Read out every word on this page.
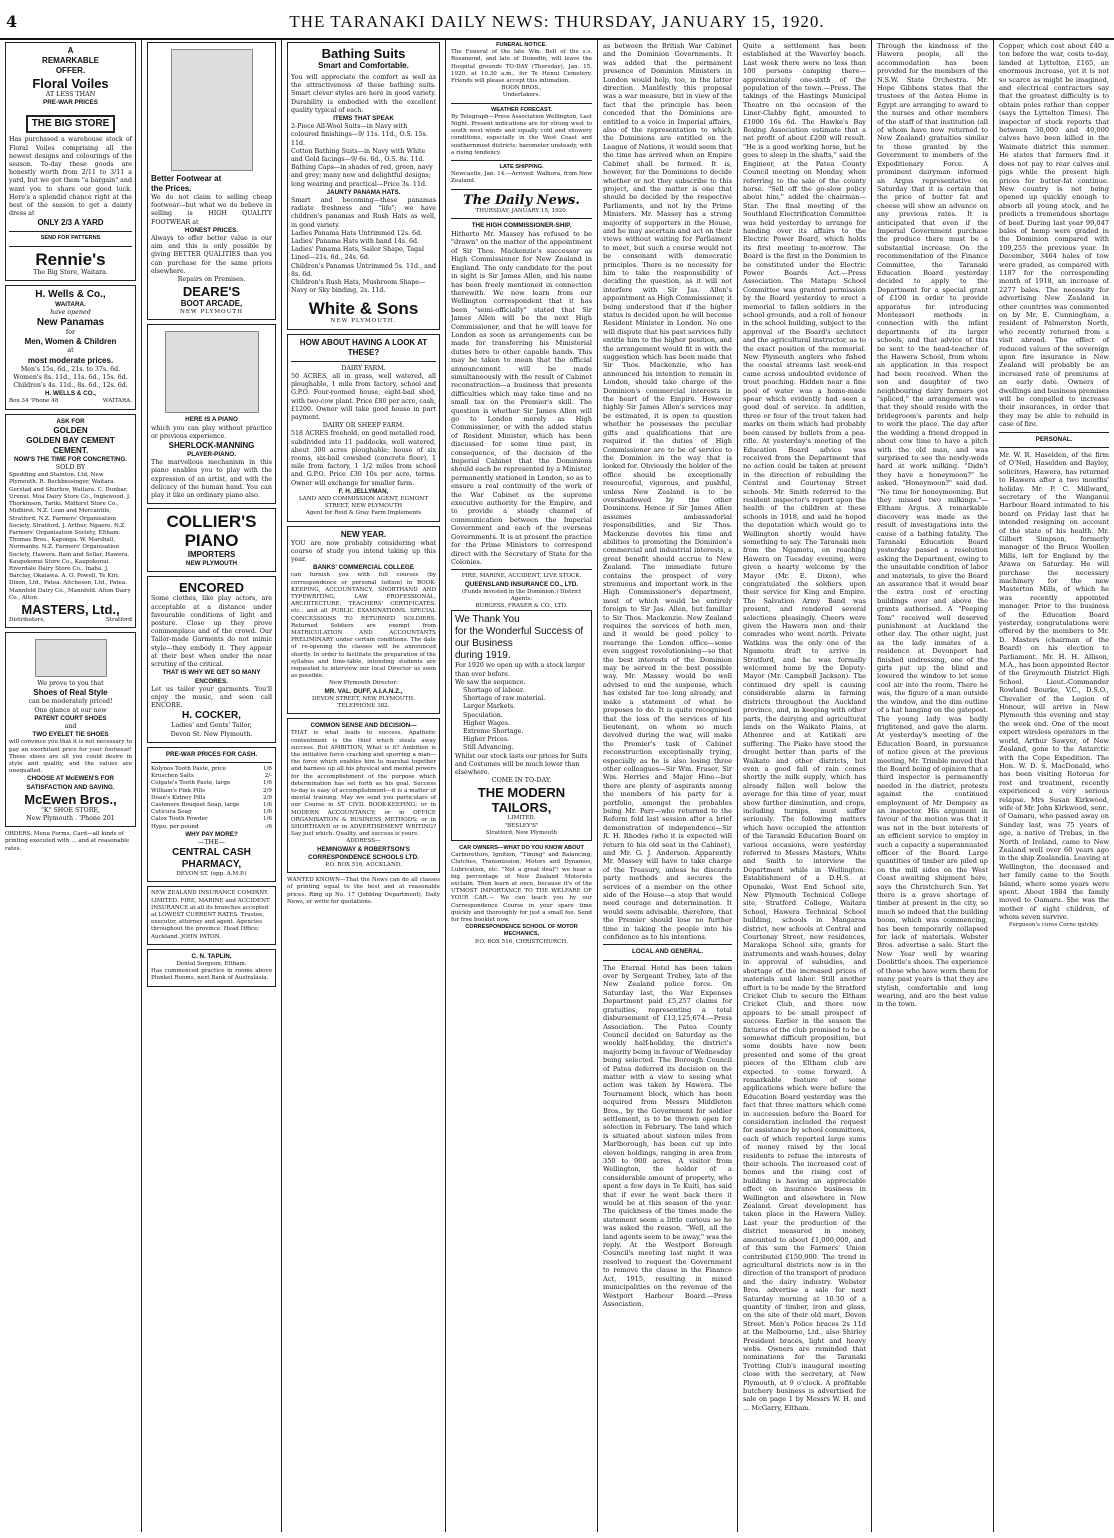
4	THE TARANAKI DAILY NEWS: THURSDAY, JANUARY 15, 1920.
A
REMARKABLE
OFFER.
Floral Voiles
AT LESS THAN
PRE-WAR PRICES
THE BIG STORE
Has purchased a warehouse stock of Floral Voiles comprising all the newest designs and colourings of the season. To-day these goods are honestly worth from 2/11 to 3/11 a yard, but we got them "a bargain" and want you to share our good luck. Here's a splendid chance right at the best of the season to get a dainty dress at
ONLY 2/3 A YARD
SEND FOR PATTERNS
Rennie's
The Big Store, Waitara.
H. Wells & Co.,
WAITARA.
have opened
New Panamas
for
Men, Women & Children
at
most moderate prices.
Men's 15s. 6d., 21s. to 37s. 6d.
Women's 8s. 11d., 11s. 6d., 15s. 6d.
Children's 4s. 11d., 8s. 6d., 12s. 6d.
H. WELLS & CO.,
Box 34 'Phone 48	WAITARA.
ASK FOR
GOLDEN
GOLDEN BAY CEMENT
CEMENT.
NOW'S THE TIME FOR CONCRETING.
SOLD BY
Spedding and Stainton, Ltd, New Plymouth. R. Beckbessinger, Waitara. Gerstad and Shurlow, Waitara. C. Dunbar, Urenui. Moa Dairy Store Co., Inglewood. J. Thorkinson, Tariki. Midhirst Store Co., Midhirst. N.Z. Loan and Mercantile, Stratford. N.Z. Farmers' Organisation Society, Stratford. J. Arthur, Ngaere. N.Z. Farmers' Organisation Society, Eltham. Thomas Bros., Kaponga. W. Marshall, Normanby. N.Z. Farmers' Organisation Society, Hawera. Bain and Sellar, Hawera. Kaupokonui Store Co., Kaupokonui. Riverdale Dairy Store Co., Inaha. J. Barclay, Okaiawa. A. O. Powell, Te Kiri. Dixon, Ltd., Patea. Aitcheson, Ltd., Patea. Mannfeld Dairy Co., Mannfeld. Alton Dairy Co., Alton.
MASTERS, Ltd.,
Distributors,	Stratford
We prove to you that
Shoes of Real Style
can be moderately priced!
One glance at our new
PATENT COURT SHOES
and
TWO EYELET TIE SHOES
will convince you that it is not necessary to pay an exorbitant price for your footwear! These shoes are all you could desire in style and quality, and the values are unequalled.
CHOOSE AT McEWEN'S FOR SATISFACTION AND SAVING.
McEwen Bros.,
"K" SHOE STORE,
New Plymouth . 'Phone 201
ORDERS, Menu Forms, Card—all kinds of printing executed with ... and at reasonable rates.
Better Footwear at
the Prices.
We do not claim to selling cheap footwear—but what we do believe in selling is HIGH QUALITY FOOTWEAR at
HONEST PRICES.
Always to offer better value is our aim and this is only possible by giving BETTER QUALITIES than you can purchase for the same prices elsewhere.
Repairs on Premises.
DEARE'S
BOOT ARCADE,
NEW PLYMOUTH
HERE IS A PIANO
which you can play without practice or previous experience.
SHERLOCK-MANNING
PLAYER-PIANO.
The marvellous mechanism in this piano enables you to play with the expression of an artist, and with the delicacy of the human hand. You can play it like an ordinary piano also.
COLLIER'S
PIANO
IMPORTERS
NEW PLYMOUTH
ENCORED
Some clothes, like play actors, are acceptable at a distance under favourable conditions of light and posture. Close up they prove commonplace and of the crowd. Our Tailor-made Garments do not mimic style—they embody it. They appear at their best when under the near scrutiny of the critical.
THAT IS WHY WE GET SO MANY ENCORES.
Let us tailor your garments. You'll enjoy the music, and soon call ENCORE.
H. COCKER,
Ladies' and Gents' Tailor,
Devon St. New Plymouth.
PRE-WAR PRICES FOR CASH.
Kolynos Tooth Paste, price	1/6
Kruschen Salts	2/-
Colgate's Tooth Paste, large	1/6
William's Pink Pills	2/9
Doan's Kidney Pills	2/9
Cashmere Bouquet Soap, large	1/6
Cuticura Soap	1/6
Calox Tooth Powder	1/6
Hypo, per pound	-/6
WHY PAY MORE?
—THE—
CENTRAL CASH
PHARMACY,
DEVON ST. (opp. A.M.P.)
NEW ZEALAND INSURANCE COMPANY. LIMITED. FIRE, MARINE and ACCIDENT INSURANCE at all its branches accepted at LOWEST CURRENT RATES. Trustee, executor, attorney and agent. Agencies throughout the province. Head Office: Auckland. JOHN PATON.
C. N. TAPLIN,
Dental Surgeon, Eltham.
Has commenced practice in rooms above Plunket Rooms, next Bank of Australasia.
Bathing Suits
Smart and Comfortable.
You will appreciate the comfort as well as the attractiveness of these bathing suits. Smart clever styles are here in good variety. Durability is embodied with the excellent quality typical of each.
ITEMS THAT SPEAK
2-Piece All-Wool Suits—in Navy with coloured finishings—9/ 11s. 11d., O.S. 15s. 11d.
Cotton Bathing Suits—in Navy with White and Gold facings—9/ 6s. 6d., O.S. 8s. 11d.
Bathing Caps—in shades of red, green, navy and grey; many new and delightful designs; long wearing and practical—Price 3s. 11d.
JAUNTY PANAMA HATS.
Smart and becoming—these panamas radiate freshness and "life"; we have children's panamas and Rush Hats as well, in good variety.
Ladies Panama Hats Untrimmed 12s. 6d.
Ladies' Panama Hats with band 14s. 6d.
Ladies' Panama Hats, Sailor Shape, Tagal Lined—21s. 6d., 24s. 6d.
Children's Panamas Untrimmed 5s. 11d., and 8s. 6d.
Children's Rush Hats, Mushroom Shape—Navy or Sky binding, 2s. 11d.
White & Sons
NEW PLYMOUTH.
HOW ABOUT HAVING A LOOK AT THESE?
DAIRY FARM.
50 ACRES, all in grass, well watered, all ploughable, 1 mile from factory, school and G.P.O. Four-roomed house, eight-bail shed, with two-cow plant. Price £80 per acre, cash, £1200. Owner will take good house in part payment.
DAIRY OR SHEEP FARM.
518 ACRES freehold, on good metalled road, subdivided into 11 paddocks, well watered, about 300 acres ploughable; house of six rooms, six-bail cowshed (concrete floor), 1 mile from factory, 1 1/2 miles from school and G.P.O. Price £30 10s per acre, terms. Owner will exchange for smaller farm.
F. H. JELLYMAN,
LAND AND COMMISSION AGENT, EGMONT STREET, NEW PLYMOUTH
Agent for Reid & Gray Farm Implements
NEW YEAR.
YOU are now probably considering what course of study you intend taking up this year.
BANKS' COMMERCIAL COLLEGE
can furnish you with full courses (by correspondence or personal tuition) in BOOK-KEEPING, ACCOUNTANCY, SHORTHAND AND TYPEWRITING, LAW PROFESSIONAL, ARCHITECTURE, TEACHERS' CERTIFICATES, etc., and all PUBLIC EXAMINATIONS. SPECIAL CONCESSIONS TO RETURNED SOLDIERS. Returned Soldiers are exempt from MATRICULATION AND ACCOUNTANTS PRELIMINARY under certain conditions. The date of re-opening the classes will be announced shortly. In order to facilitate the preparation of the syllabus and time-table, intending students are requested to interview our local Director as soon as possible.
New Plymouth Director:
MR. VAL. DUFF, A.I.A.N.Z.,
DEVON STREET, NEW PLYMOUTH.
TELEPHONE 382.
COMMON SENSE AND DECISION—
THAT is what leads to success. Apathetic contentment is the thief which steals away success. But AMBITION, What is it? Ambition is the initiative force cracking and spurring a man—the force which enables him to marshal together and harness up all his physical and mental powers for the accomplishment of the purpose which determination has set forth as his goal. Success to-day is easy of accomplishment—it is a matter of mental training. May we send you particulars of our Course in ST CIVIL BOOK-KEEPING; or in MODERN ACCOUNTANCY; or in OFFICE ORGANISATION & BUSINESS METHODS; or in SHORTHAND or in ADVERTISEMENT WRITING? Say just which. Quality, and success is yours.
ADDRESS—
HEMINGWAY & ROBERTSON'S CORRESPONDENCE SCHOOLS LTD.
P.O. BOX 516, AUCKLAND.
WANTED KNOWN—That the News can do all classes of printing equal to the best and at reasonable prices. Ring up No. 17 (Jobbing Department), Daily News, or write for quotations.
FUNERAL NOTICE.
The Funeral of the late Wm. Bell of the s.s. Rosamond, and late of Dunedin, will leave the Hospital grounds TO-DAY (Thursday), Jan. 15, 1920, at 10.30 a.m., for Te Henui Cemetery. Friends will please accept this intimation.
BOON BROS.,
Undertakers.
WEATHER FORECAST.
By Telegraph—Press Association Wellington, Last Night. Present indications are for strong west to south west winds and squally cold and showery conditions, especially in the West Coast and southernmost districts; barometer unsteady, with a rising tendency.
LATE SHIPPING.
Newcastle, Jan. 14.—Arrived: Walhora, from New Zealand.
The Daily News.
THURSDAY, JANUARY 15, 1920.
THE HIGH COMMISSIONER-SHIP.
Hitherto Mr. Massey has refused to be "drawn" on the matter of the appointment of Sir Thos. Mackenzie's successor as High Commissioner for New Zealand in England. The only candidate for the post in sight is Sir James Allen, and his name has been freely mentioned in connection therewith. We now learn from our Wellington correspondent that it has been "semi-officially" stated that Sir James Allen will be the next High Commissioner, and that he will leave for London as soon as arrangements can be made for transferring his Ministerial duties here to other capable hands. This may be taken to mean that the official announcement will be made simultaneously with the result of Cabinet reconstruction—a business that presents difficulties which may take time and no small tax on the Premier's skill. The question is whether Sir James Allen will go to London merely as High Commissioner, or with the added status of Resident Minister, which has been discussed for some time past, in consequence, of the decision of the Imperial Cabinet that the Dominions should each be represented by a Minister, permanently stationed in London, so as to ensure a real continuity of the work of the War Cabinet as the supreme executive authority for the Empire, and to provide a steady channel of communication between the Imperial Government and each of the overseas Governments. It is at present the practice for the Prime Ministers to correspond direct with the Secretary of State for the Colonies.
FIRE, MARINE, ACCIDENT, LIVE STOCK.
QUEENSLAND INSURANCE CO., LTD.
(Funds invested in the Dominion.) District Agents:
BURGESS, FRASER & CO., LTD.
We Thank You
for the Wonderful Success of
our Business
during 1919.
For 1920 we open up with a stock larger than ever before.
We saw the sequence.
Shortage of labour.
Shortage of raw material.
Larger Markets.
Speculation.
Higher Wages.
Extreme Shortage.
Higher Prices.
Still Advancing.
Whilst our stock lasts our prices for Suits and Costumes will be much lower than elsewhere.
COME IN TO-DAY.
THE MODERN TAILORS,
LIMITED,
"BESLEY'S"
Stratford, New Plymouth
CAR OWNERS—WHAT DO YOU KNOW ABOUT
Carburettors, Ignition, "Timing" and Balancing, Clutches, Transmission, Motors and Dynamos, Lubrication, etc. "Not a great deal"! we hear a big percentage of New Zealand Motorists exclaim. Then learn at once, because it's of the UTMOST IMPORTANCE TO THE WELFARE OF YOUR CAR.— We can teach you by our Correspondence Course in your spare time quickly and thoroughly for just a small fee. Send for free booklet now.
CORRESPONDENCE SCHOOL OF MOTOR MECHANICS,
P.O. BOX 516, CHRISTCHURCH.
as between the British War Cabinet and the Dominion Governments. It was added that the permanent presence of Dominion Ministers in London would help, too, in the latter direction. Manifestly this proposal was a war measure, but in view of the fact that the principle has been conceded that the Dominions are entitled to a voice in Imperial affairs, also of the representation to which the Dominions are entitled on the League of Nations, it would seem that the time has arrived when an Empire Cabinet shall be formed. It is, however, for the Dominions to decide whether or not they subscribe to this project, and the matter is one that should be decided by the respective Parliaments, and not by the Prime Ministers. Mr. Massey has a strong majority of supporters in the House, and he may ascertain and act on their views without waiting for Parliament to meet, but such a course would not be consonant with democratic principles. There is no necessity for him to take the responsibility of deciding the question, as it will not interfere with Sir Jas. Allen's appointment as High Commissioner, it being understood that if the higher status is decided upon he will become Resident Minister in London. No one will dispute that his past services fully entitle him to the higher position, and the arrangement would fit in with the suggestion which has been made that Sir Thos. Mackenzie, who has announced his intention to remain in London, should take charge of the Dominion's commercial interests in the heart of the Empire. However highly Sir James Allen's services may be estimated, it is open to question whether he possesses the peculiar gifts and qualifications that are required if the duties of High Commissioner are to be of service to the Dominion in the way that is looked for. Obviously the holder of the office should be exceptionally resourceful, vigorous, and pushful, unless New Zealand is to be overshadowed by the other Dominions. Hence if Sir James Allen assumes ambassadorial responsibilities, and Sir Thos. Mackenzie devotes his time and abilities to promoting the Dominion's commercial and industrial interests, a great benefit should accrue to New Zealand. The immediate future contains the prospect of very strenuous and important work in the High Commissioner's department, most of which would be entirely foreign to Sir Jas. Allen, but familiar to Sir Thos. Mackenzie. New Zealand requires the services of both men, and it would be good policy to rearrange the London office—some even suggest revolutionising—so that the best interests of the Dominion may be served in the best possible way. Mr. Massey would be well advised to end the suspense, which has existed far too long already, and make a statement of what he proposes to do. It is quite recognised that the loss of the services of his lieutenant, on whom so much devolved during the war, will make the Premier's task of Cabinet reconstruction exceptionally trying, especially as he is also losing three other colleagues—Sir Wm. Fraser, Sir Wm. Herries and Major Hine—but there are plenty of aspirants among the members of his party for a portfolio, amongst the probables being Mr. Parr—who returned to the Reform fold last session after a brief demonstration of independence—Sir R. H. Rhodes (who it is expected will return to his old seat in the Cabinet), and Mr. G. J. Anderson. Apparently Mr. Massey will have to take charge of the Treasury, unless he discards party methods and secures the services of a member on the other side of the House—a step that would need courage and determination. It would seem advisable, therefore, that the Premier should lose no further time in taking the people into his confidence as to his intentions.
LOCAL AND GENERAL.
The Eternal Hotel has been taken over by Sergeant Trebey, late of the New Zealand police force. On Saturday last, the War Expenses Department paid £5,257 claims for gratuities, representing a total disbursement of £13,125,674.—Press Association. The Patea County Council decided on Saturday as the weekly half-holiday, the district's majority being in favour of Wednesday being selected. The Borough Council of Patea deferred its decision on the matter with a view to seeing what action was taken by Hawera. The Tournament block, which has been acquired from Messrs Middleton Bros., by the Government for soldier settlement, is to be thrown open for selection in February. The land which is situated about sixteen miles from Marlborough, has been cut up into eleven holdings, ranging in area from 350 to 900 acres. A visitor from Wellington, the holder of a considerable amount of property, who spent a few days in Te Kuiti, has said that if ever he went back there it would be at this season of the year. The quickness of the times made the statement seem a little curious so he was asked the reason. "Well, all the land agents seem to be away," was the reply. At the Westport Borough Council's meeting last night it was resolved to request the Government to remove the clause in the Finance Act, 1915, resulting in mixed municipalities on the revenue of the Westport Harbour Board.—Press Association.
Quite a settlement has been established at the Waverley beach. Last week there were no less than 100 persons camping there—approximately one-sixth of the population of the town.—Press. The takings of the Hastings Municipal Theatre on the occasion of the Liner-Clabby fight, amounted to £1000 16s 6d. The Hawke's Bay Boxing Association estimate that a net profit of about £200 will result. "He is a good working horse, but he goes to sleep in the shafts," said the Engineer, at the Patea County Council meeting on Monday, when referring to the sale of the county horse. "Sell off the go-slow policy about him," added the chairman—Star. The final meeting of the Southland Electrification Committee was held yesterday to arrange for handing over its affairs to the Electric Power Board, which holds its first meeting to-morrow. The Board is the first in the Dominion to be constituted under the Electric Power Boards Act.—Press Association. The Matapu School Committee was granted permission by the Board yesterday to erect a memorial to fallen soldiers in the school grounds, and a roll of honour in the school building, subject to the approval of the Board's architect and the agricultural instructor, as to the exact position of the memorial. New Plymouth anglers who fished the coastal streams last week-end came across undoubted evidence of trout poaching. Hidden near a fine pool of water was a home-made spear which evidently had seen a good deal of service. In addition, three or four of the trout taken had marks on them which had probably been caused by bullets from a pea-rifle. At yesterday's meeting of the Education Board advice was received from the Department that no action could be taken at present in the direction of rebuilding the Central and Courtenay Street schools. Mr. Smith referred to the resident inspector's report upon the health of the children at these schools in 1918, and said he hoped the deputation which would go to Wellington shortly would have something to say. The Taranaki men from the Ngamotu, on reaching Hawera on Tuesday evening, were given a hearty welcome by the Mayor (Mr. E. Dixon), who congratulated the soldiers upon their service for King and Empire. The Salvation Army Band was present, and rendered several selections pleasingly. Cheers were given the Hawera men and their comrades who went north. Private Watkins was the only one of the Ngamotu draft to arrive in Stratford, and he was formally welcomed home by the Deputy-Mayor (Mr. Campbell Jackson). The continued dry spell is causing considerable alarm in farming districts throughout the Auckland province, and, in keeping with other parts, the dairying and agricultural lands on the Waikato Plains, at Athenree and at Katikati are suffering. The Piako have stood the drought better than parts of the Waikato and other districts, but even a good fall of rain comes shortly the milk supply, which has already fallen well below the average for this time of year, must show further diminution, and crops, including turnips, must suffer seriously. The following matters which have occupied the attention of the Taranaki Education Board on various occasions, were yesterday referred to Messrs Masters, White and Smith to interview the Department while in Wellington: Establishment of a D.H.S. at Opunake, West End School site, New Plymouth Technical College site, Stratford College, Waitara School, Hawera Technical School building, schools in Mangaroa district, new schools at Central and Courtenay Street, new residences, Marakopa School site, grants for instruments and wash-houses, delay in approval of subsidies, and shortage of the increased prices of materials and labor. Still another effort is to be made by the Stratford Cricket Club to secure the Eltham Cricket Club, and there now appears to be small prospect of success. Earlier in the season the fixtures of the club promised to be a somewhat difficult proposition, but some doubts have now been presented and some of the great pieces of the Eltham club are expected to come forward. A remarkable feature of some applications which were before the Education Board yesterday was the fact that three matters which come in succession before the Board for consideration included the request for assistance by school committees, each of which reported large sums of money raised by the local residents to refuse the interests of their schools. The increased cost of homes and the rising cost of building is having an appreciable effect on insurance business in Wellington and elsewhere in New Zealand. Great development has taken place in the Hawera Valley. Last year the production of the district measured in money, amounted to about £1,000,000, and of this sum the Farmers' Union contributed £150,000. The trend in agricultural districts now is in the direction of the transport of produce and the dairy industry. Webster Bros. advertise a sale for next Saturday morning at 10.30 of a quantity of timber, iron and glass, on the site of their old mart, Devon Street. Men's Police braces 2s 11d at the Melbourne, Ltd., also Shirley President braces, light and heavy webs. Owners are reminded that nominations for the Taranaki Trotting Club's inaugural meeting close with the secretary, at New Plymouth, at 9 o'clock. A profitable butchery business is advertised for sale on page 1 by Messrs W. H. and ... McGarry, Eltham.
Through the kindness of the Hawera people, all the accommodation has been provided for the members of the N.S.W. State Orchestra. Mr. Hope Gibbons states that the trustees of the Aotea Home in Egypt are arranging to award to the nurses and other members of the staff of that institution (all of whom have now returned to New Zealand) gratuities similar to those granted by the Government to members of the Expeditionary Force. A prominent dairyman informed an Argus representative on Saturday that it is certain that the price of butter fat and cheese will show an advance on any previous rates. It is anticipated that even if the Imperial Government purchase the produce there must be a substantial increase. On the recommendation of the Finance Committee, the Taranaki Education Board yesterday decided to apply to the Department for a special grant of £100 in order to provide apparatus for introducing Montessori methods in connection with the infant departments of its larger schools, and that advice of this be sent to the head-teacher of the Hawera School, from whom an application in this respect had been received. When the son and daughter of two neighbouring dairy farmers got "spliced," the arrangement was that they should reside with the bridegroom's parents and help to work the place. The day after the wedding a friend dropped in about cow time to have a pitch with the old man, and was surprised to see the newly-weds hard at work milking. "Didn't they have a honeymoon?" he asked. "Honeymoon?" said dad. "No time for honeymooning. But they missed two milkings."—Eltham Argus. A remarkable discovery was made as the result of investigations into the cause of a bathing fatality. The Taranaki Education Board yesterday passed a resolution asking the Department, owing to the unsuitable condition of labor and materials, to give the Board an assurance that it would bear the extra cost of erecting buildings over and above the grants authorised. A "Peeping Tom" received well deserved punishment at Auckland the other day. The other night, just as the lady inmates of a residence at Devonport had finished undressing, one of the girls put up the blind and lowered the window to let some cool air into the room. There he was, the figure of a man outside the window, and the dim outline of a hat hanging on the gatepost. The young lady was badly frightened, and gave the alarm. At yesterday's meeting of the Education Board, in pursuance of notice given at the previous meeting, Mr. Trimble moved that the Board being of opinion that a third inspector is permanently needed in the district, protests against the continued employment of Mr Dempsey as an inspector. His argument in favour of the motion was that it was not in the best interests of an efficient service to employ in such a capacity a superannuated officer of the Board. Large quantities of timber are piled up on the mill sides on the West Coast awaiting shipment here, says the Christchurch Sun. Yet there is a grave shortage of timber at present in the city, so much so indeed that the building boom, which was commencing, has been temporarily collapsed for lack of materials. Webster Bros. advertise a sale. Start the New Year well by wearing Doolittle's shoes. The experience of those who have worn them for many past years is that they are stylish, comfortable and long wearing, and are the best value in the town.
Copper, which cost about £40 a ton before the war, costs to-day, landed at Lyttelton, £165, an enormous increase, yet it is not so scarce as might be imagined, and electrical contractors say that the greatest difficulty is to obtain poles rather than copper (says the Lyttelton Times). The inspector of stock reports that between 30,000 and 40,000 calves have been killed in the Waimate district this summer. He states that farmers find it does not pay to rear calves and pigs while the present high prices for butter-fat continue. New country is not being opened up quickly enough to absorb all young stock, and he predicts a tremendous shortage of beef. During last year 99,047 bales of hemp were graded in the Dominion compared with 109,255 the previous year. In December, 3464 bales of tow were graded, as compared with 1187 for the corresponding month of 1918, an increase of 2277 bales. The necessity for advertising New Zealand in other countries was commented on by Mr. E. Cunningham, a resident of Palmerston North, who recently returned from a visit abroad. The effect of reduced values of the sovereign upon fire insurance in New Zealand will probably be an increased rate of premiums at an early date. Owners of dwellings and business premises will be compelled to increase their insurances, in order that they may be able to rebuild in case of fire.
PERSONAL.
Mr. W. R. Haselden, of the firm of O'Neil, Haselden and Bayley, solicitors, Hawera, has returned to Hawera after a two months' holiday. Mr. P. C. Millward, secretary of the Wanganui Harbour Board intimated to his board on Friday last that he intended resigning on account of the state of his health. Mr. Gilbert Simpson, formerly manager of the Bruce Woollen Mills, left for England by the Arawa on Saturday. He will purchase the necessary machinery for the new Masterton Mills, of which he was recently appointed manager. Prior to the business of the Education Board yesterday, congratulations were offered by the members to Mr. D. Masters (chairman of the Board) on his election to Parliament. Mr. H. H. Allison, M.A., has been appointed Rector of the Greymouth District High School. Lieut.-Commander Rowland Bourke, V.C., D.S.O., Chevalier of the Legion of Honour, will arrive in New Plymouth this evening and stay the week end. One of the most expert wireless operators in the world, Arthur Sawyer, of New Zealand, gone to the Antarctic with the Cope Expedition. The Hon. W. D. S. MacDonald, who has been visiting Rotorua for rest and treatment, recently experienced a very serious relapse. Mrs Susan Kirkwood, wife of Mr. John Kirkwood, senr., of Oamaru, who passed away on Sunday last, was 75 years of age, a native of Trebas, in the North of Ireland, came to New Zealand well over 60 years ago in the ship Zealandia. Leaving at Wellington, the deceased and her family came to the South Island, where some years were spent. About 1884 the family moved to Oamaru. She was the mother of eight children, of whom seven survive.
Ferguson's cures Corns quickly.
